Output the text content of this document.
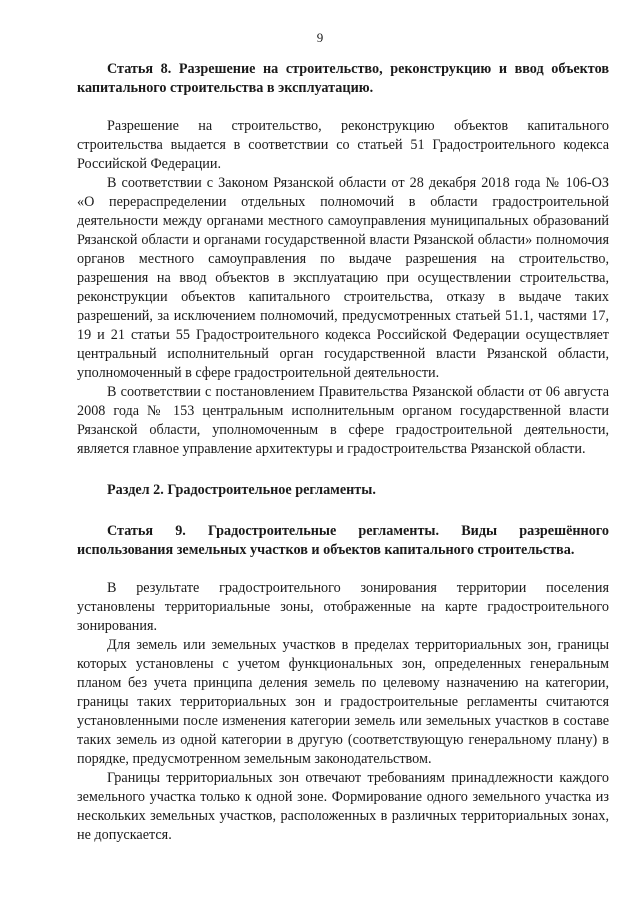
9

Статья 8. Разрешение на строительство, реконструкцию и ввод объектов капитального строительства в эксплуатацию.

Разрешение на строительство, реконструкцию объектов капитального строительства выдается в соответствии со статьей 51 Градостроительного кодекса Российской Федерации.

В соответствии с Законом Рязанской области от 28 декабря 2018 года № 106-ОЗ «О перераспределении отдельных полномочий в области градостроительной деятельности между органами местного самоуправления муниципальных образований Рязанской области и органами государственной власти Рязанской области» полномочия органов местного самоуправления по выдаче разрешения на строительство, разрешения на ввод объектов в эксплуатацию при осуществлении строительства, реконструкции объектов капитального строительства, отказу в выдаче таких разрешений, за исключением полномочий, предусмотренных статьей 51.1, частями 17, 19 и 21 статьи 55 Градостроительного кодекса Российской Федерации осуществляет центральный исполнительный орган государственной власти Рязанской области, уполномоченный в сфере градостроительной деятельности.

В соответствии с постановлением Правительства Рязанской области от 06 августа 2008 года № 153 центральным исполнительным органом государственной власти Рязанской области, уполномоченным в сфере градостроительной деятельности, является главное управление архитектуры и градостроительства Рязанской области.

Раздел 2. Градостроительное регламенты.

Статья 9. Градостроительные регламенты. Виды разрешённого использования земельных участков и объектов капитального строительства.

В результате градостроительного зонирования территории поселения установлены территориальные зоны, отображенные на карте градостроительного зонирования.

Для земель или земельных участков в пределах территориальных зон, границы которых установлены с учетом функциональных зон, определенных генеральным планом без учета принципа деления земель по целевому назначению на категории, границы таких территориальных зон и градостроительные регламенты считаются установленными после изменения категории земель или земельных участков в составе таких земель из одной категории в другую (соответствующую генеральному плану) в порядке, предусмотренном земельным законодательством.

Границы территориальных зон отвечают требованиям принадлежности каждого земельного участка только к одной зоне. Формирование одного земельного участка из нескольких земельных участков, расположенных в различных территориальных зонах, не допускается.
